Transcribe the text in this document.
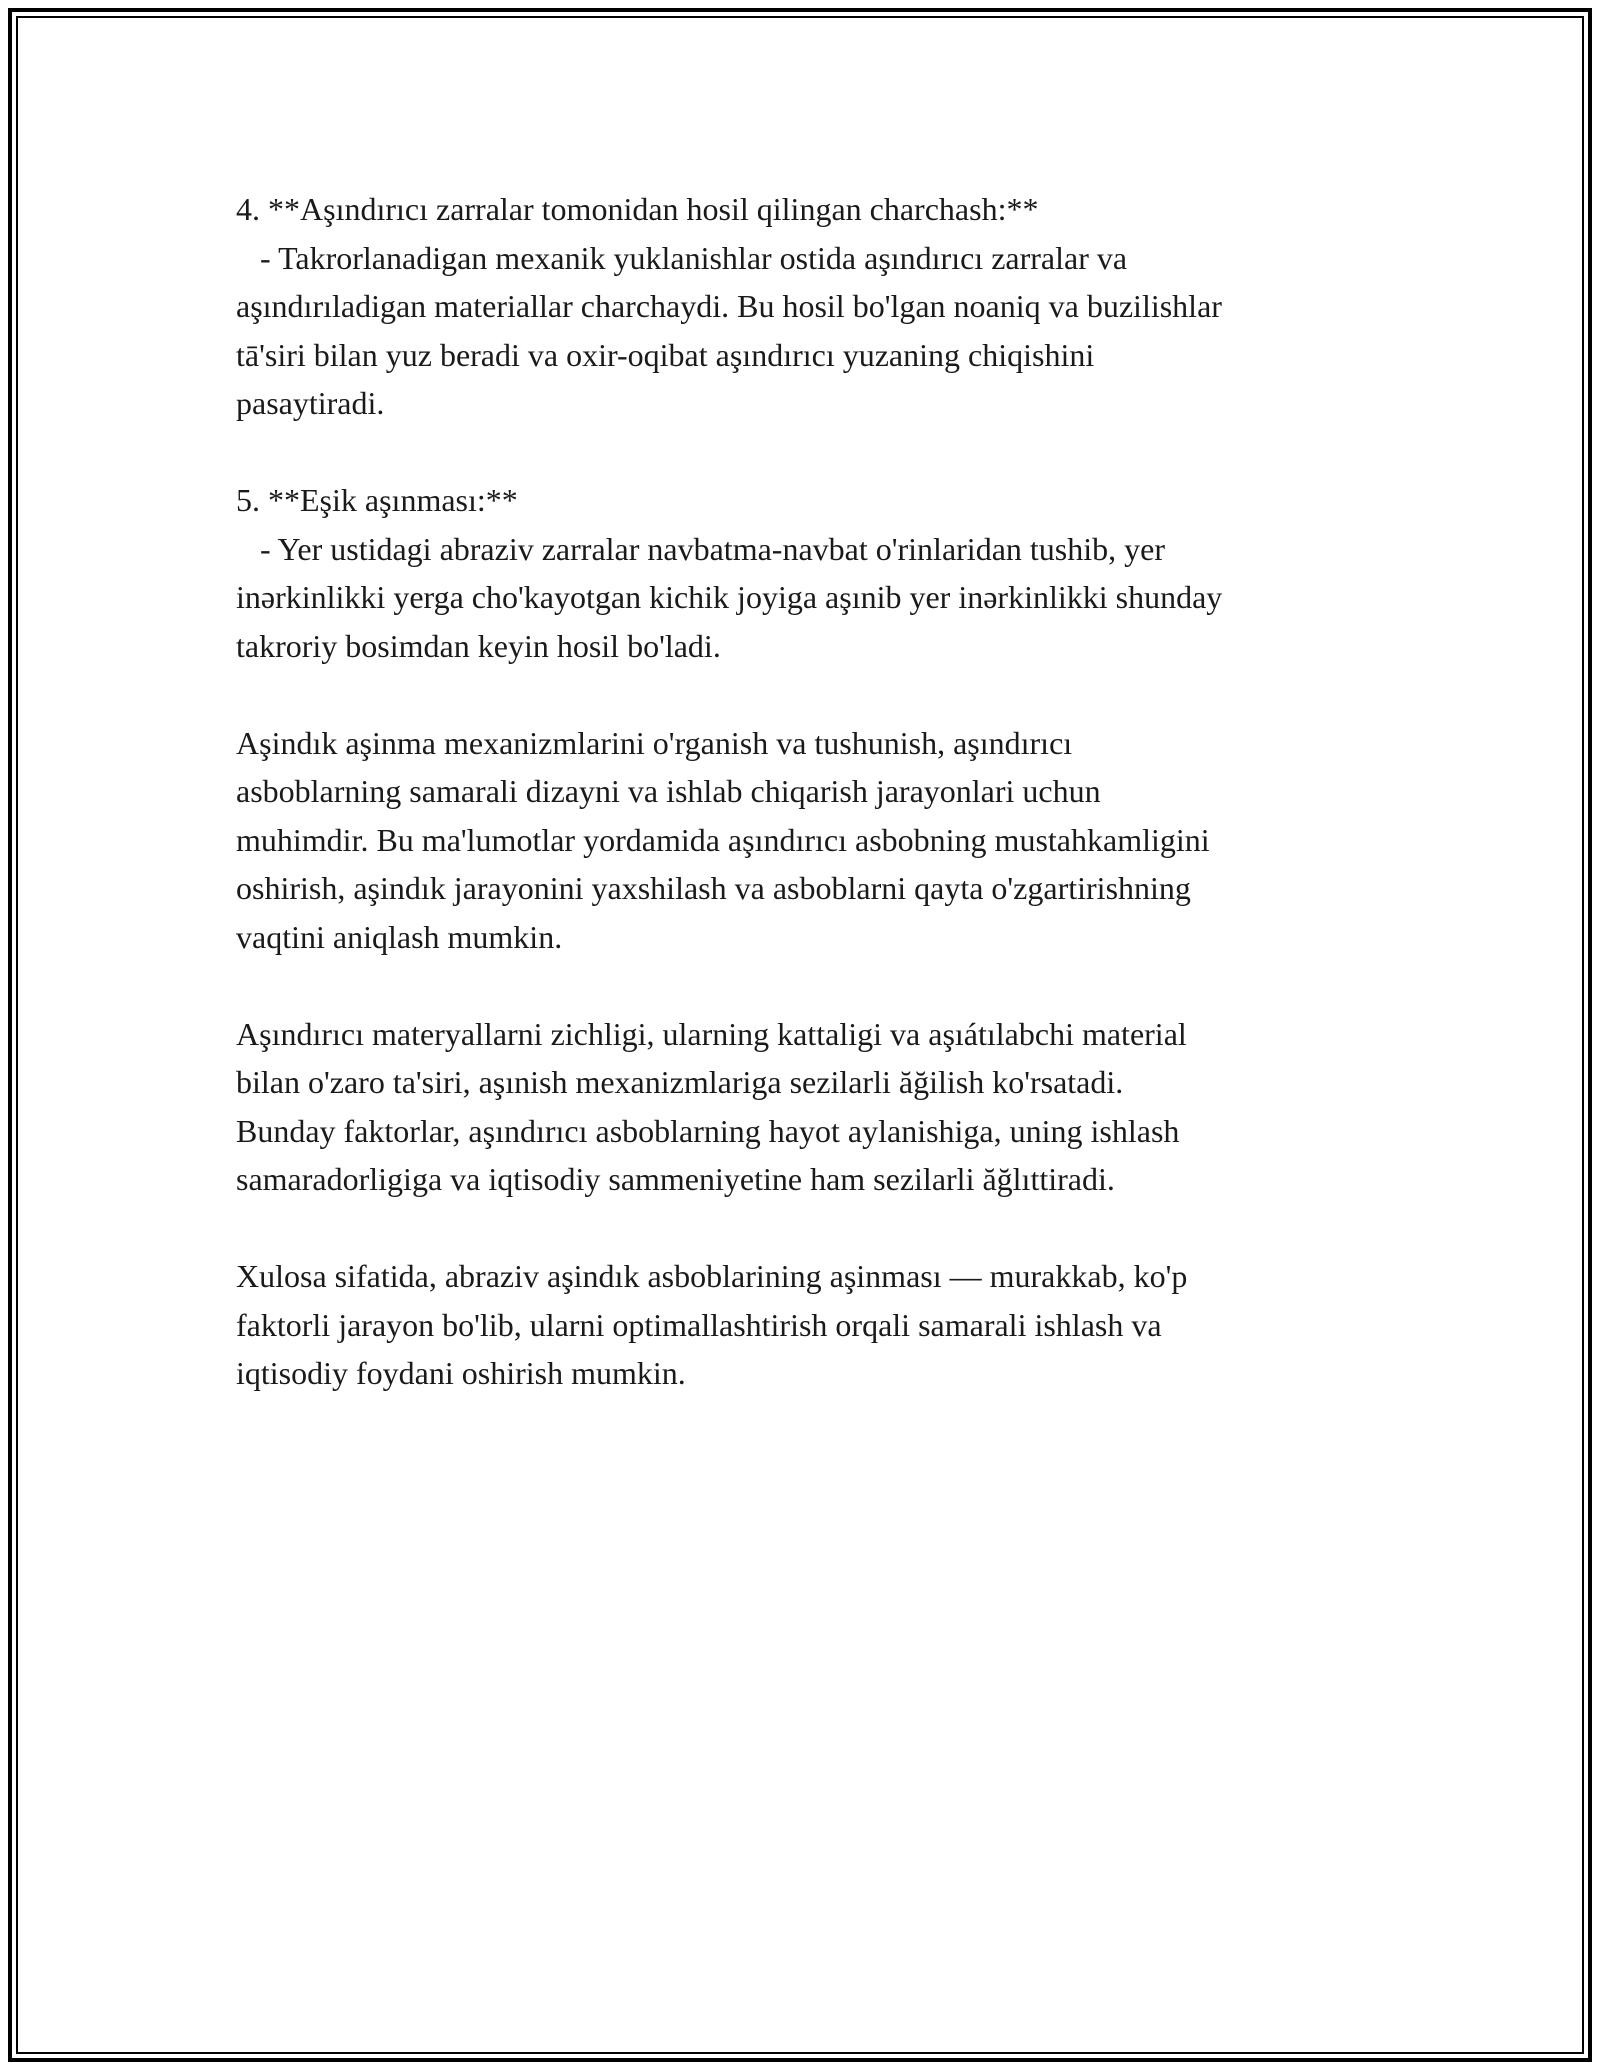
4. **Aşındırıcı zarralar tomonidan hosil qilingan charchash:**
- Takrorlanadigan mexanik yuklanishlar ostida aşındırıcı zarralar va
aşındırıladigan materiallar charchaydi. Bu hosil bo'lgan noaniq va buzilishlar
tā'siri bilan yuz beradi va oxir-oqibat aşındırıcı yuzaning chiqishini
pasaytiradi.
5. **Eşik aşınması:**
- Yer ustidagi abraziv zarralar navbatma-navbat o'rinlaridan tushib, yer
inərkinlikki yerga cho'kayotgan kichik joyiga aşınib yer inərkinlikki shunday
takroriy bosimdan keyin hosil bo'ladi.
Aşindık aşinma mexanizmlarini o'rganish va tushunish, aşındırıcı
asboblarning samarali dizayni va ishlab chiqarish jarayonlari uchun
muhimdir. Bu ma'lumotlar yordamida aşındırıcı asbobning mustahkamligini
oshirish, aşindık jarayonini yaxshilash va asboblarni qayta o'zgartirishning
vaqtini aniqlash mumkin.
Aşındırıcı materyallarni zichligi, ularning kattaligi va aşıátılabchi material
bilan o'zaro ta'siri, aşınish mexanizmlariga sezilarli ăğilish ko'rsatadi.
Bunday faktorlar, aşındırıcı asboblarning hayot aylanishiga, uning ishlash
samaradorligiga va iqtisodiy sammeniyetine ham sezilarli ăğlıttiradi.
Xulosa sifatida, abraziv aşindık asboblarining aşinması — murakkab, ko'p
faktorli jarayon bo'lib, ularni optimallashtirish orqali samarali ishlash va
iqtisodiy foydani oshirish mumkin.
